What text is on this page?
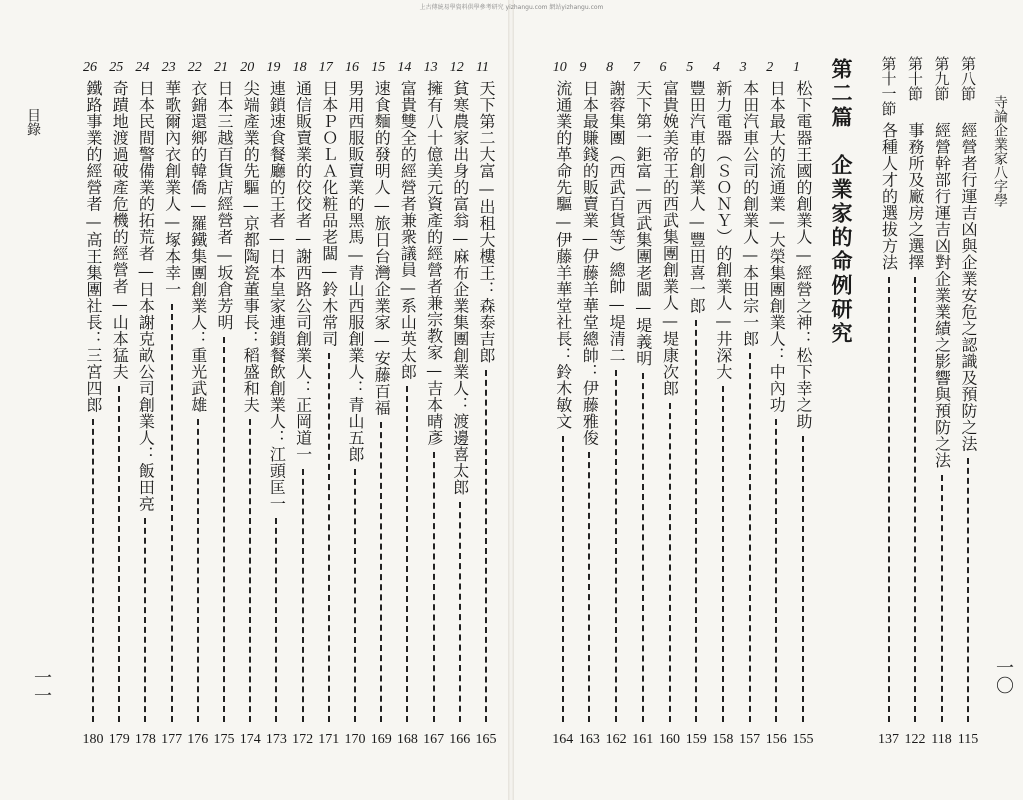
上古傳統易學資料供學參考研究 yizhangu.com 網站yizhangu.com
目錄
一一
11
天下第二大富—出租大樓王：森泰吉郎
165
12
貧寒農家出身的富翁—麻布企業集團創業人：渡邊喜太郎
166
13
擁有八十億美元資產的經營者兼宗教家—吉本晴彥
167
14
富貴雙全的經營者兼衆議員—系山英太郎
168
15
速食麵的發明人—旅日台灣企業家—安藤百福
169
16
男用西服販賣業的黑馬—青山西服創業人：青山五郎
170
17
日本ＰＯＬＡ化粧品老闆—鈴木常司
171
18
通信販賣業的佼佼者—謝西路公司創業人：正岡道一
172
19
連鎖速食餐廳的王者—日本皇家連鎖餐飲創業人：江頭匡一
173
20
尖端產業的先驅—京都陶瓷董事長：稻盛和夫
174
21
日本三越百貨店經營者—坂倉芳明
175
22
衣錦還鄉的韓僑—羅鐵集團創業人：重光武雄
176
23
華歌爾內衣創業人—塚本幸一
177
24
日本民間警備業的拓荒者—日本謝克畝公司創業人：飯田亮
178
25
奇蹟地渡過破產危機的經營者—山本猛夫
179
26
鐵路事業的經營者—高王集團社長：三宮四郎
180
寺論企業家八字學
一〇
第八節
經營者行運吉凶與企業安危之認識及預防之法
115
第九節
經營幹部行運吉凶對企業業績之影響與預防之法
118
第十節
事務所及廠房之選擇
122
第十一節
各種人才的選拔方法
137
第二篇　企業家的命例研究
1
松下電器王國的創業人—經營之神：松下幸之助
155
2
日本最大的流通業—大榮集團創業人：中內功
156
3
本田汽車公司的創業人—本田宗一郎
157
4
新力電器（ＳＯＮＹ）的創業人—井深大
158
5
豐田汽車的創業人—豐田喜一郎
159
6
富貴娩美帝王的西武集團創業人—堤康次郎
160
7
天下第一鉅富—西武集團老闆—堤義明
161
8
謝蓉集團（西武百貨等）總帥—堤清二
162
9
日本最賺錢的販賣業—伊藤羊華堂總帥：伊藤雅俊
163
10
流通業的革命先驅—伊藤羊華堂社長：鈴木敏文
164
